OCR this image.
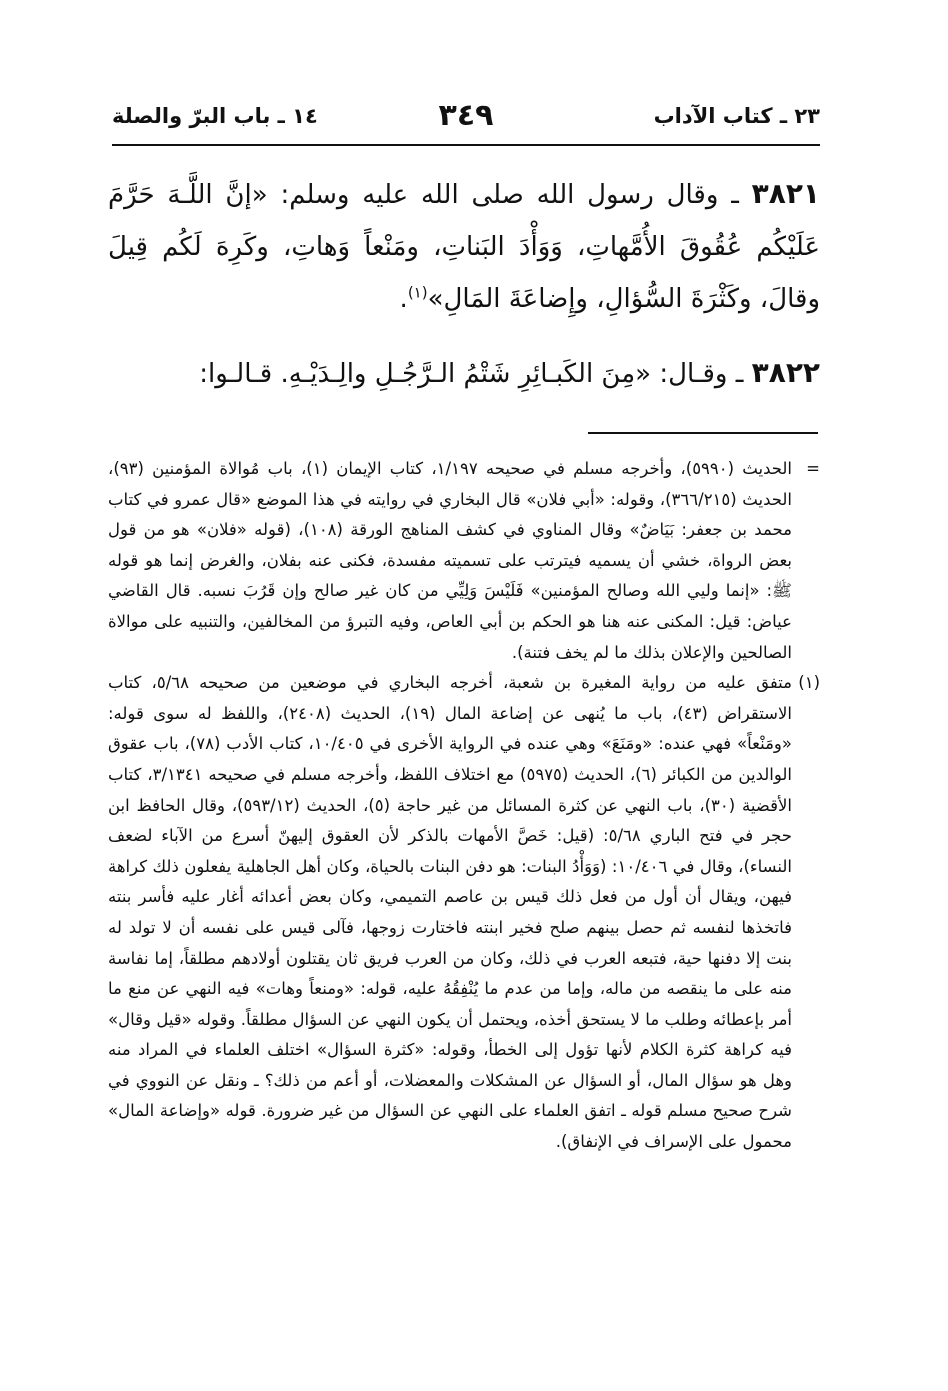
٢٣ ـ كتاب الآداب
٣٤٩
١٤ ـ باب البرّ والصلة

٣٨٢١ ـ وقال رسول الله صلى الله عليه وسلم: «إنَّ اللَّـهَ حَرَّمَ عَلَيْكُم عُقُوقَ الأُمَّهاتِ، وَوَأْدَ البَناتِ، ومَنْعاً وَهاتِ، وكَرِهَ لَكُم قِيلَ وقالَ، وكَثْرَةَ السُّؤالِ، وإِضاعَةَ المَالِ»$^{(١)}$.

٣٨٢٢ ـ وقـال: «مِنَ الكَبـائِرِ شَتْمُ الـرَّجُـلِ والِـدَيْـهِ. قـالـوا:

=
الحديث (٥٩٩٠)، وأخرجه مسلم في صحيحه ١/١٩٧، كتاب الإيمان (١)، باب مُوالاة المؤمنين (٩٣)، الحديث (٣٦٦/٢١٥)، وقوله: «أبي فلان» قال البخاري في روايته في هذا الموضع «قال عمرو في كتاب محمد بن جعفر: بَيَاضٌ» وقال المناوي في كشف المناهج الورقة (١٠٨)، (قوله «فلان» هو من قول بعض الرواة، خشي أن يسميه فيترتب على تسميته مفسدة، فكنى عنه بفلان، والغرض إنما هو قوله ﷺ: «إنما وليي الله وصالح المؤمنين» فَلَيْسَ وَلِيِّي من كان غير صالح وإن قَرُبَ نسبه. قال القاضي عياض: قيل: المكنى عنه هنا هو الحكم بن أبي العاص، وفيه التبرؤ من المخالفين، والتنبيه على موالاة الصالحين والإعلان بذلك ما لم يخف فتنة).

(١)
متفق عليه من رواية المغيرة بن شعبة، أخرجه البخاري في موضعين من صحيحه ٥/٦٨، كتاب الاستقراض (٤٣)، باب ما يُنهى عن إضاعة المال (١٩)، الحديث (٢٤٠٨)، واللفظ له سوى قوله: «ومَنْعاً» فهي عنده: «ومَنَعَ» وهي عنده في الرواية الأخرى في ١٠/٤٠٥، كتاب الأدب (٧٨)، باب عقوق الوالدين من الكبائر (٦)، الحديث (٥٩٧٥) مع اختلاف اللفظ، وأخرجه مسلم في صحيحه ٣/١٣٤١، كتاب الأقضية (٣٠)، باب النهي عن كثرة المسائل من غير حاجة (٥)، الحديث (٥٩٣/١٢)، وقال الحافظ ابن حجر في فتح الباري ٥/٦٨: (قيل: خَصَّ الأمهات بالذكر لأن العقوق إليهنّ أسرع من الآباء لضعف النساء)، وقال في ١٠/٤٠٦: (وَوَأْدُ البنات: هو دفن البنات بالحياة، وكان أهل الجاهلية يفعلون ذلك كراهة فيهن، ويقال أن أول من فعل ذلك قيس بن عاصم التميمي، وكان بعض أعدائه أغار عليه فأسر بنته فاتخذها لنفسه ثم حصل بينهم صلح فخير ابنته فاختارت زوجها، فآلى قيس على نفسه أن لا تولد له بنت إلا دفنها حية، فتبعه العرب في ذلك، وكان من العرب فريق ثان يقتلون أولادهم مطلقاً، إما نفاسة منه على ما ينقصه من ماله، وإما من عدم ما يُنْفِقُهُ عليه، قوله: «ومنعاً وهات» فيه النهي عن منع ما أمر بإعطائه وطلب ما لا يستحق أخذه، ويحتمل أن يكون النهي عن السؤال مطلقاً. وقوله «قيل وقال» فيه كراهة كثرة الكلام لأنها تؤول إلى الخطأ، وقوله: «كثرة السؤال» اختلف العلماء في المراد منه وهل هو سؤال المال، أو السؤال عن المشكلات والمعضلات، أو أعم من ذلك؟ ـ ونقل عن النووي في شرح صحيح مسلم قوله ـ اتفق العلماء على النهي عن السؤال من غير ضرورة. قوله «وإضاعة المال» محمول على الإسراف في الإنفاق).
